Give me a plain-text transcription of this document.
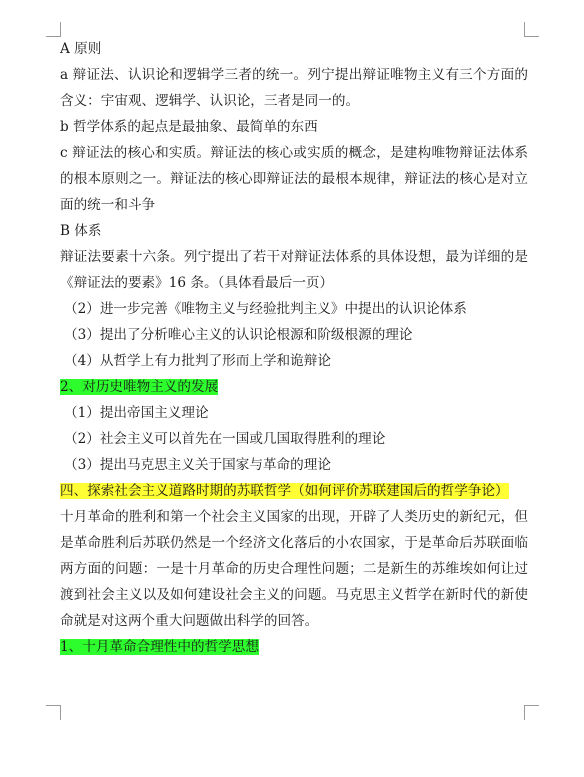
A 原则

a 辩证法、认识论和逻辑学三者的统一。列宁提出辩证唯物主义有三个方面的含义：宇宙观、逻辑学、认识论，三者是同一的。

b 哲学体系的起点是最抽象、最简单的东西

c 辩证法的核心和实质。辩证法的核心或实质的概念，是建构唯物辩证法体系的根本原则之一。辩证法的核心即辩证法的最根本规律，辩证法的核心是对立面的统一和斗争

B 体系

辩证法要素十六条。列宁提出了若干对辩证法体系的具体设想，最为详细的是《辩证法的要素》16 条。（具体看最后一页）

（2）进一步完善《唯物主义与经验批判主义》中提出的认识论体系

（3）提出了分析唯心主义的认识论根源和阶级根源的理论

（4）从哲学上有力批判了形而上学和诡辩论

2、对历史唯物主义的发展

（1）提出帝国主义理论

（2）社会主义可以首先在一国或几国取得胜利的理论

（3）提出马克思主义关于国家与革命的理论

四、探索社会主义道路时期的苏联哲学（如何评价苏联建国后的哲学争论）

十月革命的胜利和第一个社会主义国家的出现，开辟了人类历史的新纪元，但是革命胜利后苏联仍然是一个经济文化落后的小农国家，于是革命后苏联面临两方面的问题：一是十月革命的历史合理性问题；二是新生的苏维埃如何让过渡到社会主义以及如何建设社会主义的问题。马克思主义哲学在新时代的新使命就是对这两个重大问题做出科学的回答。

1、十月革命合理性中的哲学思想
